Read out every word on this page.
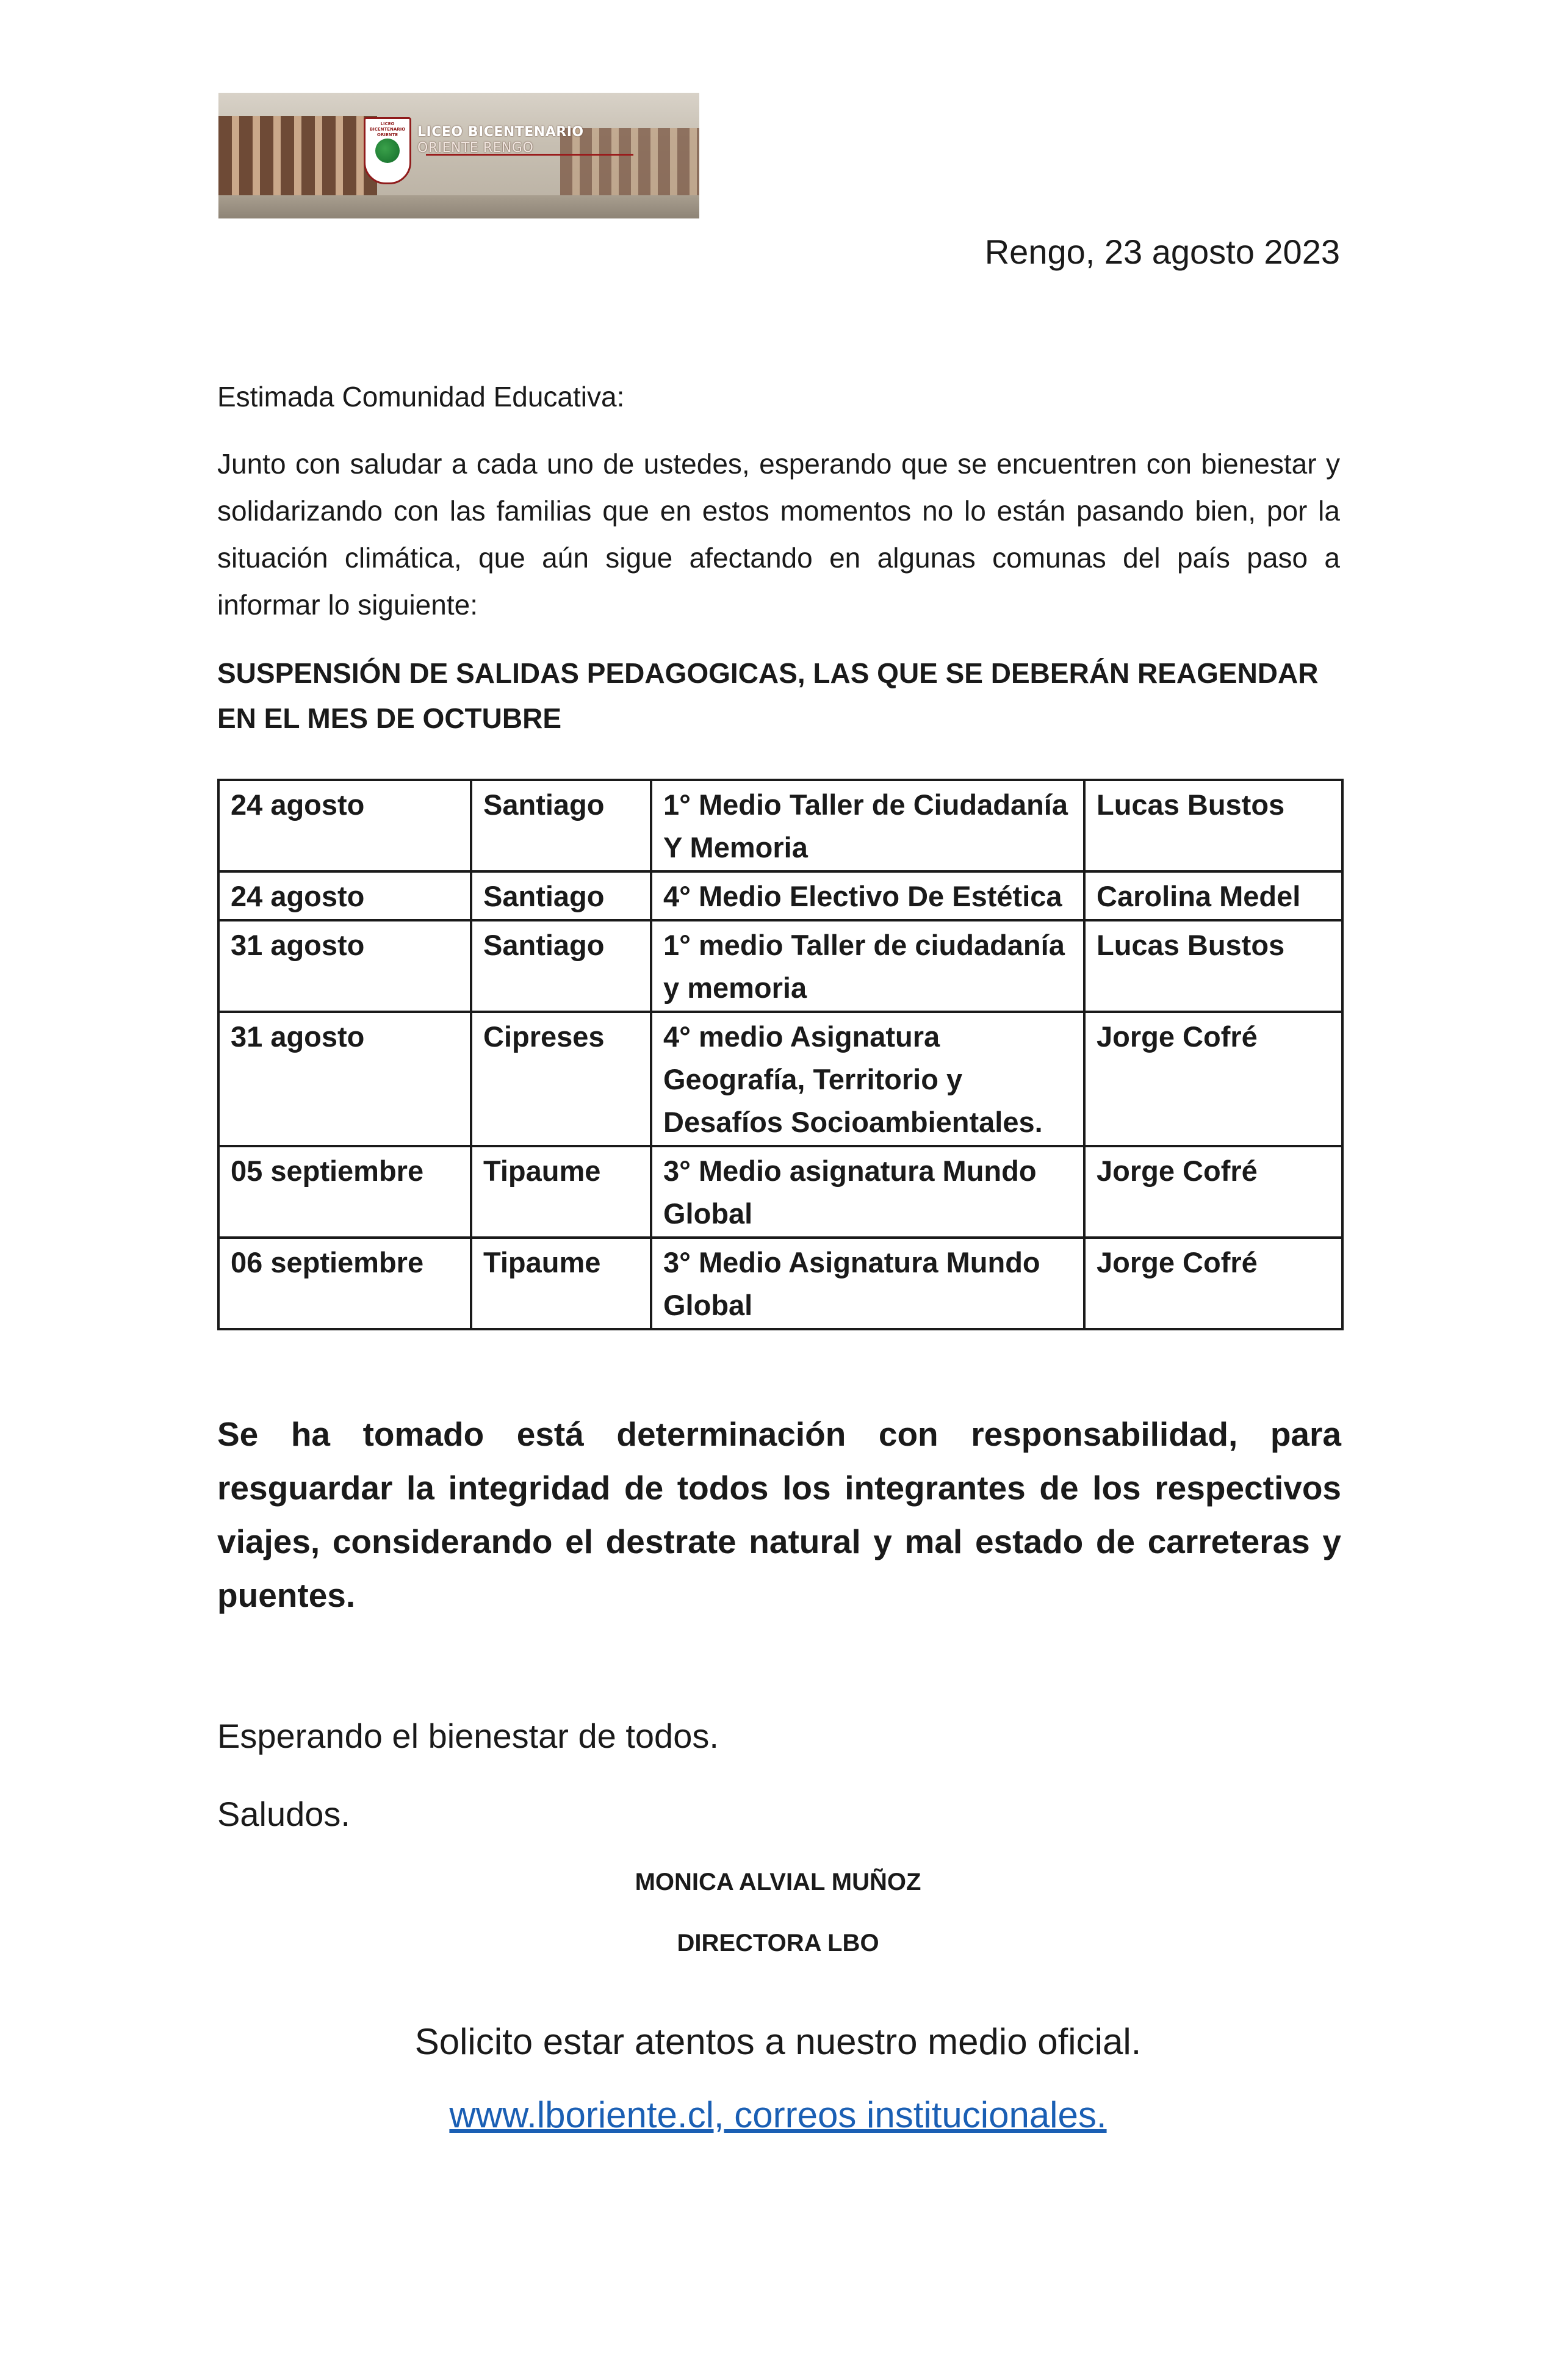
LICEO BICENTENARIO ORIENTE	LICEO BICENTENARIO
ORIENTE RENGO
Rengo, 23 agosto 2023
Estimada Comunidad Educativa:

Junto con saludar a cada uno de ustedes, esperando que se encuentren con bienestar y solidarizando con las familias que en estos momentos no lo están pasando bien, por la situación climática, que aún sigue afectando en algunas comunas del país paso a informar lo siguiente:

SUSPENSIÓN DE SALIDAS PEDAGOGICAS, LAS QUE SE DEBERÁN REAGENDAR EN EL MES DE OCTUBRE

24 agosto	Santiago	1° Medio Taller de Ciudadanía Y Memoria	Lucas Bustos
24 agosto	Santiago	4° Medio Electivo De Estética	Carolina Medel
31 agosto	Santiago	1° medio Taller de ciudadanía y memoria	Lucas Bustos
31 agosto	Cipreses	4° medio Asignatura Geografía, Territorio y Desafíos Socioambientales.	Jorge Cofré
05 septiembre	Tipaume	3° Medio asignatura Mundo Global	Jorge Cofré
06 septiembre	Tipaume	3° Medio Asignatura Mundo Global	Jorge Cofré

Se ha tomado está determinación con responsabilidad, para resguardar la integridad de todos los integrantes de los respectivos viajes, considerando el destrate natural y mal estado de carreteras y puentes.

Esperando el bienestar de todos.
Saludos.
MONICA ALVIAL MUÑOZ
DIRECTORA LBO
Solicito estar atentos a nuestro medio oficial.
www.lboriente.cl, correos institucionales.
